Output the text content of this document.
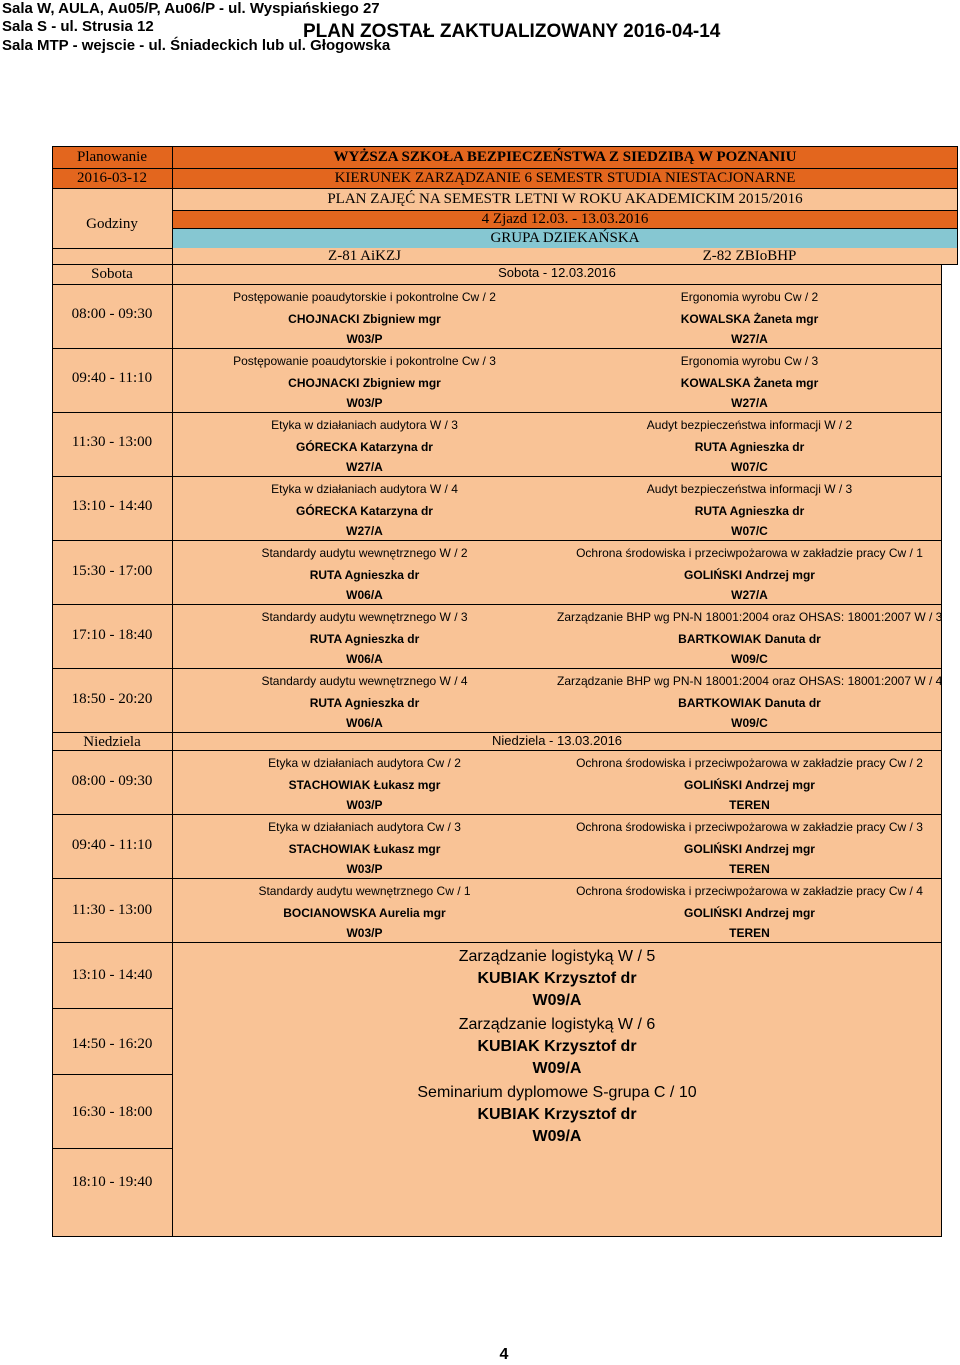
Sala W, AULA, Au05/P, Au06/P - ul. Wyspiańskiego 27
Sala S - ul. Strusia 12
Sala MTP - wejscie - ul. Śniadeckich lub ul. Głogowska
PLAN ZOSTAŁ ZAKTUALIZOWANY 2016-04-14
Planowanie
2016-03-12
Godziny
Sobota
Niedziela
08:00 - 09:30
09:40 - 11:10
11:30 - 13:00
13:10 - 14:40
15:30 - 17:00
17:10 - 18:40
18:50 - 20:20
08:00 - 09:30
09:40 - 11:10
11:30 - 13:00
13:10 - 14:40
14:50 - 16:20
16:30 - 18:00
18:10 - 19:40
WYŻSZA SZKOŁA BEZPIECZEŃSTWA Z SIEDZIBĄ W POZNANIU
KIERUNEK ZARZĄDZANIE 6 SEMESTR STUDIA NIESTACJONARNE
PLAN ZAJĘĆ NA SEMESTR LETNI W ROKU AKADEMICKIM 2015/2016
4 Zjazd 12.03. - 13.03.2016
GRUPA DZIEKAŃSKA
Z-81 AiKZJ	Z-82 ZBIoBHP
Sobota - 12.03.2016
Niedziela - 13.03.2016
Postępowanie poaudytorskie i pokontrolne Cw / 2
CHOJNACKI Zbigniew mgr
W03/P
Postępowanie poaudytorskie i pokontrolne Cw / 3
CHOJNACKI Zbigniew mgr
W03/P
Etyka w działaniach audytora W / 3
GÓRECKA Katarzyna dr
W27/A
Etyka w działaniach audytora W / 4
GÓRECKA Katarzyna dr
W27/A
Standardy audytu wewnętrznego W / 2
RUTA Agnieszka dr
W06/A
Standardy audytu wewnętrznego W / 3
RUTA Agnieszka dr
W06/A
Standardy audytu wewnętrznego W / 4
RUTA Agnieszka dr
W06/A
Ergonomia wyrobu Cw / 2
KOWALSKA Żaneta mgr
W27/A
Ergonomia wyrobu Cw / 3
KOWALSKA Żaneta mgr
W27/A
Audyt bezpieczeństwa informacji W / 2
RUTA Agnieszka dr
W07/C
Audyt bezpieczeństwa informacji W / 3
RUTA Agnieszka dr
W07/C
Ochrona środowiska i przeciwpożarowa w zakładzie pracy Cw / 1
GOLIŃSKI Andrzej mgr
W27/A
Zarządzanie BHP wg PN-N 18001:2004 oraz OHSAS: 18001:2007 W / 3
BARTKOWIAK Danuta dr
W09/C
Zarządzanie BHP wg PN-N 18001:2004 oraz OHSAS: 18001:2007 W / 4
BARTKOWIAK Danuta dr
W09/C
Etyka w działaniach audytora Cw / 2
STACHOWIAK Łukasz mgr
W03/P
Etyka w działaniach audytora Cw / 3
STACHOWIAK Łukasz mgr
W03/P
Standardy audytu wewnętrznego Cw / 1
BOCIANOWSKA Aurelia mgr
W03/P
Ochrona środowiska i przeciwpożarowa w zakładzie pracy Cw / 2
GOLIŃSKI Andrzej mgr
TEREN
Ochrona środowiska i przeciwpożarowa w zakładzie pracy Cw / 3
GOLIŃSKI Andrzej mgr
TEREN
Ochrona środowiska i przeciwpożarowa w zakładzie pracy Cw / 4
GOLIŃSKI Andrzej mgr
TEREN
Zarządzanie logistyką W / 5
KUBIAK Krzysztof dr
W09/A
Zarządzanie logistyką W / 6
KUBIAK Krzysztof dr
W09/A
Seminarium dyplomowe S-grupa C / 10
KUBIAK Krzysztof dr
W09/A
4
